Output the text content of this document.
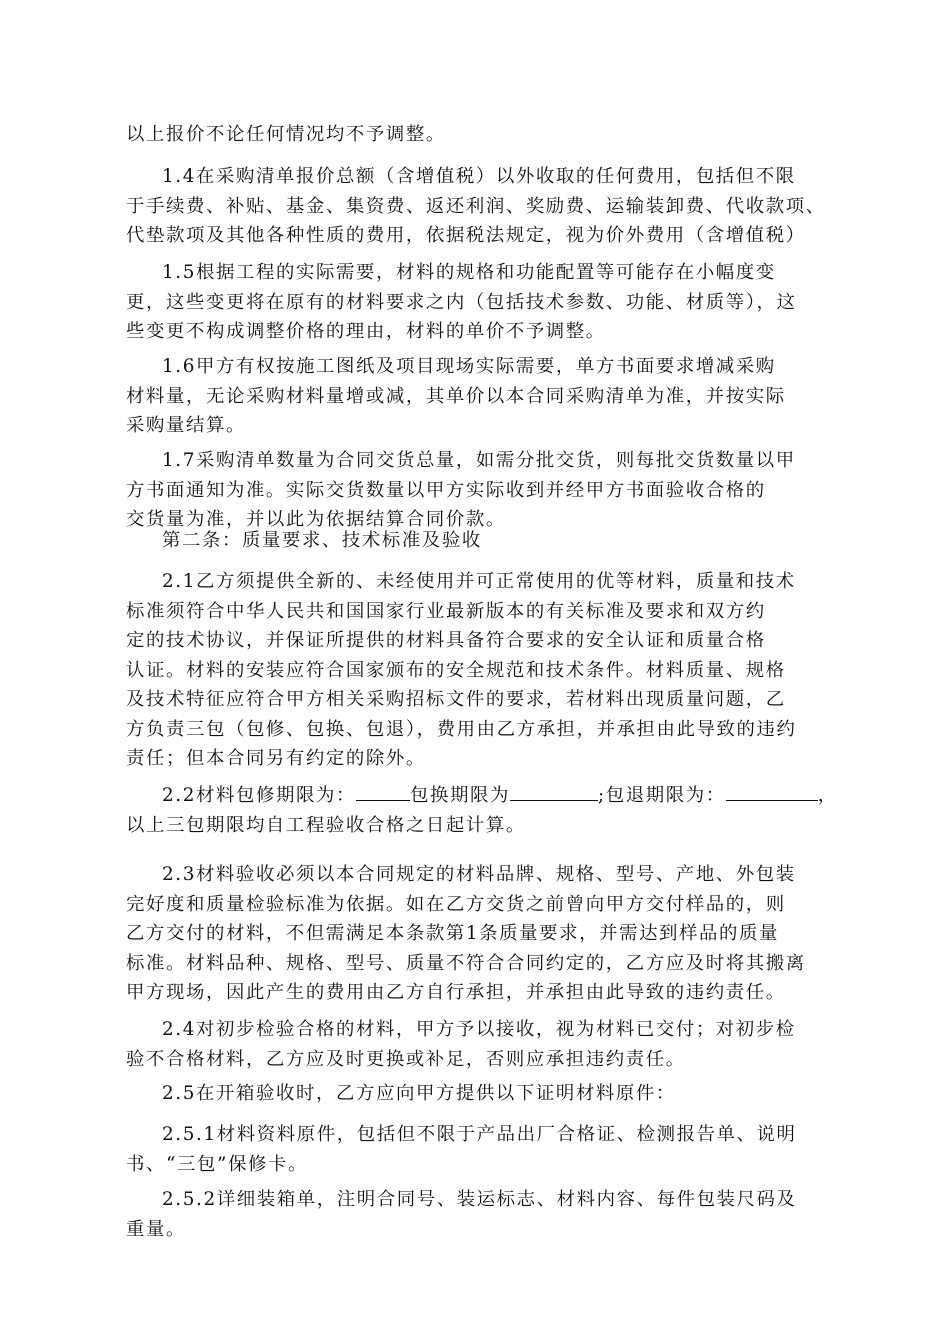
以上报价不论任何情况均不予调整。
1.4在采购清单报价总额（含增值税）以外收取的任何费用，包括但不限
于手续费、补贴、基金、集资费、返还利润、奖励费、运输装卸费、代收款项、
代垫款项及其他各种性质的费用，依据税法规定，视为价外费用（含增值税）
1.5根据工程的实际需要，材料的规格和功能配置等可能存在小幅度变
更，这些变更将在原有的材料要求之内（包括技术参数、功能、材质等），这
些变更不构成调整价格的理由，材料的单价不予调整。
1.6甲方有权按施工图纸及项目现场实际需要，单方书面要求增减采购
材料量，无论采购材料量增或减，其单价以本合同采购清单为准，并按实际
采购量结算。
1.7采购清单数量为合同交货总量，如需分批交货，则每批交货数量以甲
方书面通知为准。实际交货数量以甲方实际收到并经甲方书面验收合格的
交货量为准，并以此为依据结算合同价款。
第二条：质量要求、技术标准及验收
2.1乙方须提供全新的、未经使用并可正常使用的优等材料，质量和技术
标准须符合中华人民共和国国家行业最新版本的有关标准及要求和双方约
定的技术协议，并保证所提供的材料具备符合要求的安全认证和质量合格
认证。材料的安装应符合国家颁布的安全规范和技术条件。材料质量、规格
及技术特征应符合甲方相关采购招标文件的要求，若材料出现质量问题，乙
方负责三包（包修、包换、包退），费用由乙方承担，并承担由此导致的违约
责任；但本合同另有约定的除外。
2.2材料包修期限为：	包换期限为	;包退期限为：	，
以上三包期限均自工程验收合格之日起计算。
2.3材料验收必须以本合同规定的材料品牌、规格、型号、产地、外包装
完好度和质量检验标准为依据。如在乙方交货之前曾向甲方交付样品的，则
乙方交付的材料，不但需满足本条款第1条质量要求，并需达到样品的质量
标准。材料品种、规格、型号、质量不符合合同约定的，乙方应及时将其搬离
甲方现场，因此产生的费用由乙方自行承担，并承担由此导致的违约责任。
2.4对初步检验合格的材料，甲方予以接收，视为材料已交付；对初步检
验不合格材料，乙方应及时更换或补足，否则应承担违约责任。
2.5在开箱验收时，乙方应向甲方提供以下证明材料原件：
2.5.1材料资料原件，包括但不限于产品出厂合格证、检测报告单、说明
书、“三包”保修卡。
2.5.2详细装箱单，注明合同号、装运标志、材料内容、每件包装尺码及
重量。
